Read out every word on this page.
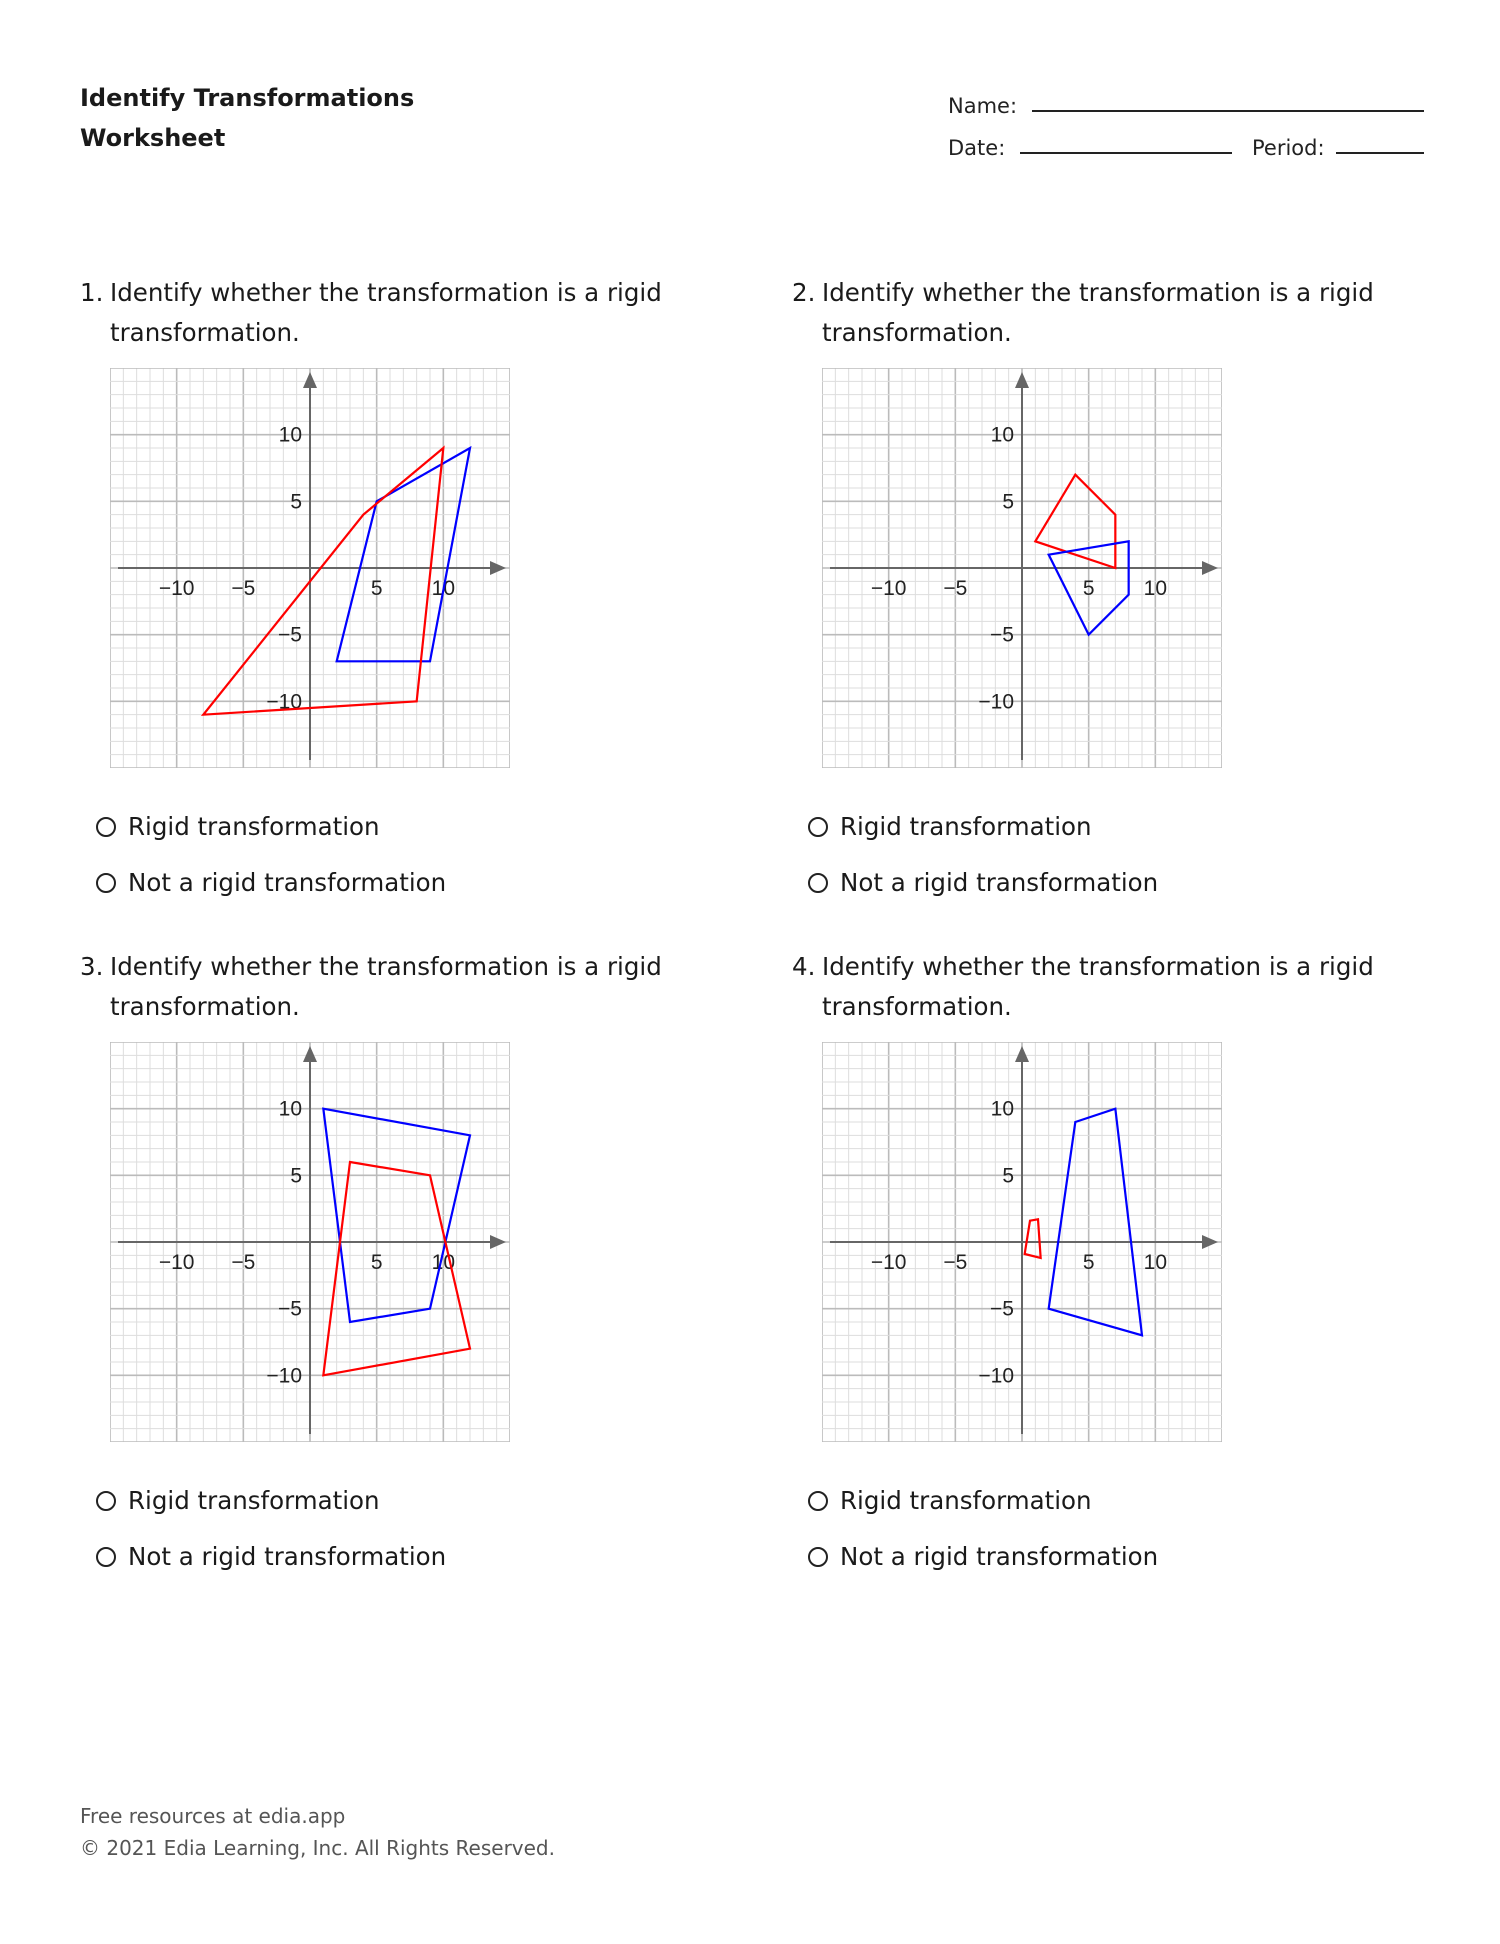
Identify Transformations
Worksheet
Name:
Date:	Period:
1. Identify whether the transformation is a rigid
transformation.
−10 −5	5 10
10
5
−5
−10
Rigid transformation
Not a rigid transformation
2. Identify whether the transformation is a rigid
transformation.
−10 −5	5 10
10
5
−5
−10
Rigid transformation
Not a rigid transformation
3. Identify whether the transformation is a rigid
transformation.
−10 −5	5 10
10
5
−5
−10
Rigid transformation
Not a rigid transformation
4. Identify whether the transformation is a rigid
transformation.
−10 −5	5 10
10
5
−5
−10
Rigid transformation
Not a rigid transformation
Free resources at edia.app
© 2021 Edia Learning, Inc. All Rights Reserved.
